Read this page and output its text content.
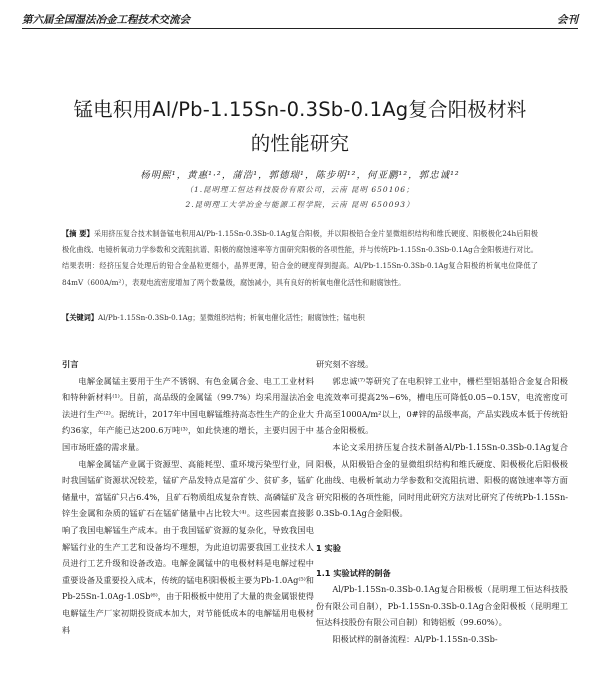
第六届全国湿法冶金工程技术交流会	会刊
锰电积用Al/Pb-1.15Sn-0.3Sb-0.1Ag复合阳极材料
的性能研究
杨明熙¹，黄惠¹·²，蒲浩¹，郭德瑞¹，陈步明¹²，何亚鹏¹²，郭忠诚¹²
（1.昆明理工恒达科技股份有限公司，云南 昆明 650106；
2.昆明理工大学冶金与能源工程学院，云南 昆明 650093）
【摘 要】采用挤压复合技术制备锰电积用Al/Pb-1.15Sn-0.3Sb-0.1Ag复合阳极，并以阳极铅合金片显微组织结构和维氏硬度、阳极极化24h后阳极极化曲线、电镜析氧动力学参数和交流阻抗谱、阳极的腐蚀速率等方面研究阳极的各项性能，并与传统Pb-1.15Sn-0.3Sb-0.1Ag合金阳极进行对比。结果表明：经挤压复合处理后的铅合金晶粒更细小，晶界更薄，铅合金的硬度得到提高。Al/Pb-1.15Sn-0.3Sb-0.1Ag复合阳极的析氧电位降低了84mV（600A/m²），表观电流密度增加了两个数量级，腐蚀减小，具有良好的析氧电催化活性和耐腐蚀性。
【关键词】Al/Pb-1.15Sn-0.3Sb-0.1Ag；显微组织结构；析氧电催化活性；耐腐蚀性；锰电积

引言

电解金属锰主要用于生产不锈钢、有色金属合金、电工工业材料和特种新材料⁽¹⁾。目前，高品级的金属锰（99.7%）均采用湿法冶金法进行生产⁽²⁾。据统计，2017年中国电解锰维持高态性生产的企业大约36家，年产能已达200.6万吨⁽³⁾，如此快速的增长，主要归因于中国市场旺盛的需求量。

电解金属锰产业属于资源型、高能耗型、重环境污染型行业，同时我国锰矿资源状况较差，锰矿产品发特点是富矿少、贫矿多，锰矿储量中，富锰矿只占6.4%，且矿石物质组成复杂育铁、高磷锰矿及含锌生金属和杂质的锰矿石在锰矿储量中占比较大⁽⁴⁾。这些因素直接影响了我国电解锰生产成本。由于我国锰矿资源的复杂化，导致我国电解锰行业的生产工艺和设备均不理想，为此迫切需要我国工业技术人员进行工艺升级和设备改造。电解金属锰中的电极材料是电解过程中重要设备及重要投入成本，传统的锰电积阳极板主要为Pb-1.0Ag⁽⁵⁾和Pb-25Sn-1.0Ag-1.0Sb⁽⁶⁾，由于阳极板中使用了大量的贵金属银使得电解锰生产厂家初期投资成本加大，对节能低成本的电解锰用电极材料

研究刻不容缓。

郭忠诚⁽⁷⁾等研究了在电积锌工业中，栅栏型铝基铅合金复合阳极电流效率可提高2%~6%，槽电压可降低0.05~0.15V，电流密度可升高至1000A/m²以上，0#锌的品级率高，产品实践成本低于传统铅基合金阳极板。

本论文采用挤压复合技术制备Al/Pb-1.15Sn-0.3Sb-0.1Ag复合阳极，从阳极铅合金的显微组织结构和维氏硬度、阳极极化后阳极极化曲线、电极析氧动力学参数和交流阻抗谱、阳极的腐蚀速率等方面研究阳极的各项性能，同时用此研究方法对比研究了传统Pb-1.15Sn-0.3Sb-0.1Ag合金阳极。

1 实验

1.1 实验试样的制备

Al/Pb-1.15Sn-0.3Sb-0.1Ag复合阳极板（昆明理工恒达科技股份有限公司自制），Pb-1.15Sn-0.3Sb-0.1Ag合金阳极板（昆明理工恒达科技股份有限公司自制）和铸铝板（99.60%）。

阳极试样的制备流程：Al/Pb-1.15Sn-0.3Sb-
